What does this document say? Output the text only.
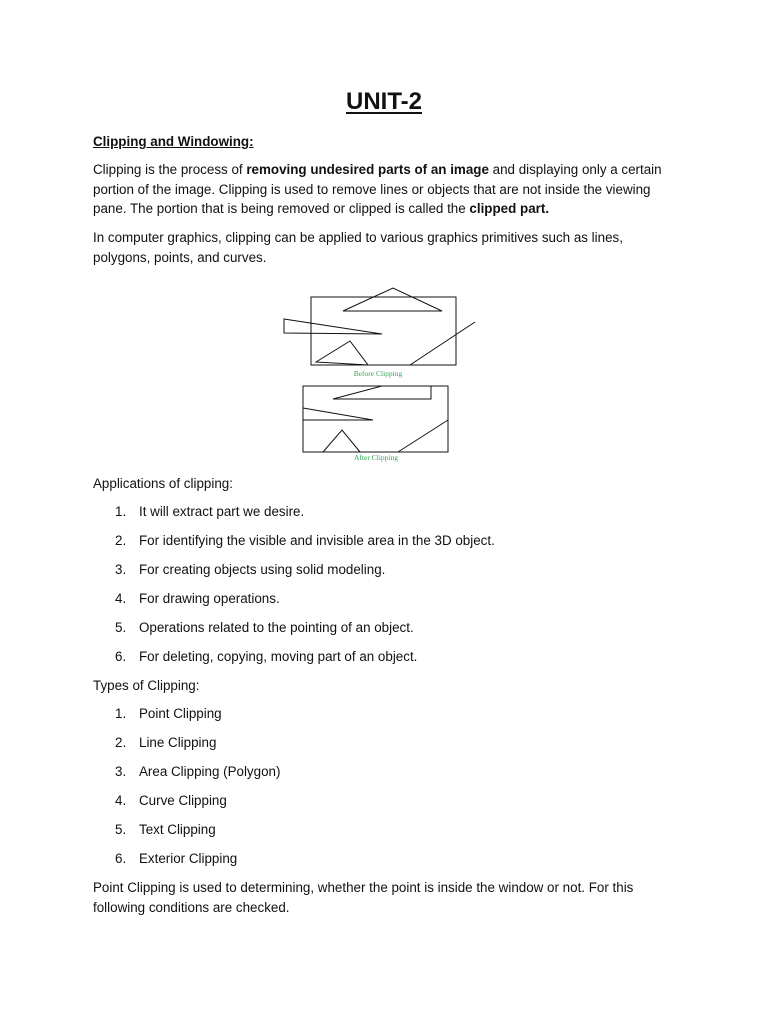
UNIT-2
Clipping and Windowing:
Clipping is the process of removing undesired parts of an image and displaying only a certain portion of the image. Clipping is used to remove lines or objects that are not inside the viewing pane. The portion that is being removed or clipped is called the clipped part.
In computer graphics, clipping can be applied to various graphics primitives such as lines, polygons, points, and curves.
Before Clipping
After Clipping
Applications of clipping:
1. It will extract part we desire.
2. For identifying the visible and invisible area in the 3D object.
3. For creating objects using solid modeling.
4. For drawing operations.
5. Operations related to the pointing of an object.
6. For deleting, copying, moving part of an object.
Types of Clipping:
1. Point Clipping
2. Line Clipping
3. Area Clipping (Polygon)
4. Curve Clipping
5. Text Clipping
6. Exterior Clipping
Point Clipping is used to determining, whether the point is inside the window or not. For this following conditions are checked.
